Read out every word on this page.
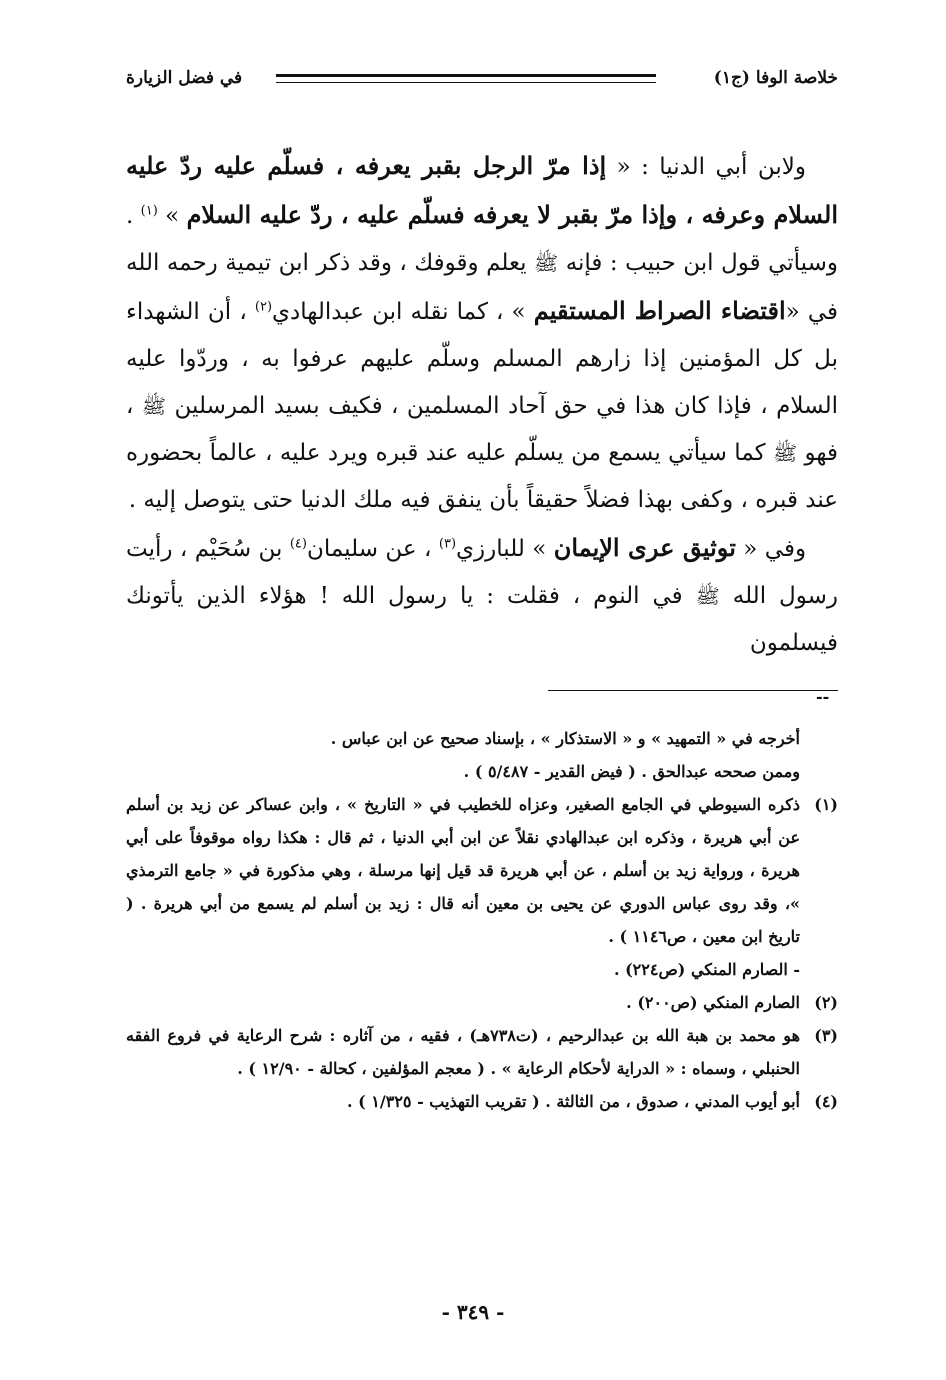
خلاصة الوفا (ج١)
في فضل الزيارة

ولابن أبي الدنيا : « إذا مرّ الرجل بقبر يعرفه ، فسلّم عليه ردّ عليه السلام وعرفه ، وإذا مرّ بقبر لا يعرفه فسلّم عليه ، ردّ عليه السلام » $^{(١)}$ . وسيأتي قول ابن حبيب : فإنه ﷺ يعلم وقوفك ، وقد ذكر ابن تيمية رحمه الله في «اقتضاء الصراط المستقيم » ، كما نقله ابن عبدالهادي$^{(٢)}$ ، أن الشهداء بل كل المؤمنين إذا زارهم المسلم وسلّم عليهم عرفوا به ، وردّوا عليه السلام ، فإذا كان هذا في حق آحاد المسلمين ، فكيف بسيد المرسلين ﷺ ، فهو ﷺ كما سيأتي يسمع من يسلّم عليه عند قبره ويرد عليه ، عالماً بحضوره عند قبره ، وكفى بهذا فضلاً حقيقاً بأن ينفق فيه ملك الدنيا حتى يتوصل إليه .

وفي « توثيق عرى الإيمان » للبارزي$^{(٣)}$ ، عن سليمان$^{(٤)}$ بن سُحَيْم ، رأيت رسول الله ﷺ في النوم ، فقلت : يا رسول الله ! هؤلاء الذين يأتونك فيسلمون

--
أخرجه في « التمهيد » و « الاستذكار » ، بإسناد صحيح عن ابن عباس .
وممن صححه عبدالحق . ( فيض القدير - ٥/٤٨٧ ) .
(١)
ذكره السيوطي في الجامع الصغير، وعزاه للخطيب في « التاريخ » ، وابن عساكر عن زيد بن أسلم عن أبي هريرة ، وذكره ابن عبدالهادي نقلاً عن ابن أبي الدنيا ، ثم قال : هكذا رواه موقوفاً على أبي هريرة ، ورواية زيد بن أسلم ، عن أبي هريرة قد قيل إنها مرسلة ، وهي مذكورة في « جامع الترمذي »، وقد روى عباس الدوري عن يحيى بن معين أنه قال : زيد بن أسلم لم يسمع من أبي هريرة . ( تاريخ ابن معين ، ص١١٤٦ ) .
- الصارم المنكي (ص٢٢٤) .
(٢)
الصارم المنكي (ص٢٠٠) .
(٣)
هو محمد بن هبة الله بن عبدالرحيم ، (ت٧٣٨هـ) ، فقيه ، من آثاره : شرح الرعاية في فروع الفقه الحنبلي ، وسماه : « الدراية لأحكام الرعاية » . ( معجم المؤلفين ، كحالة - ١٢/٩٠ ) .
(٤)
أبو أيوب المدني ، صدوق ، من الثالثة . ( تقريب التهذيب - ١/٣٢٥ ) .
- ٣٤٩ -
